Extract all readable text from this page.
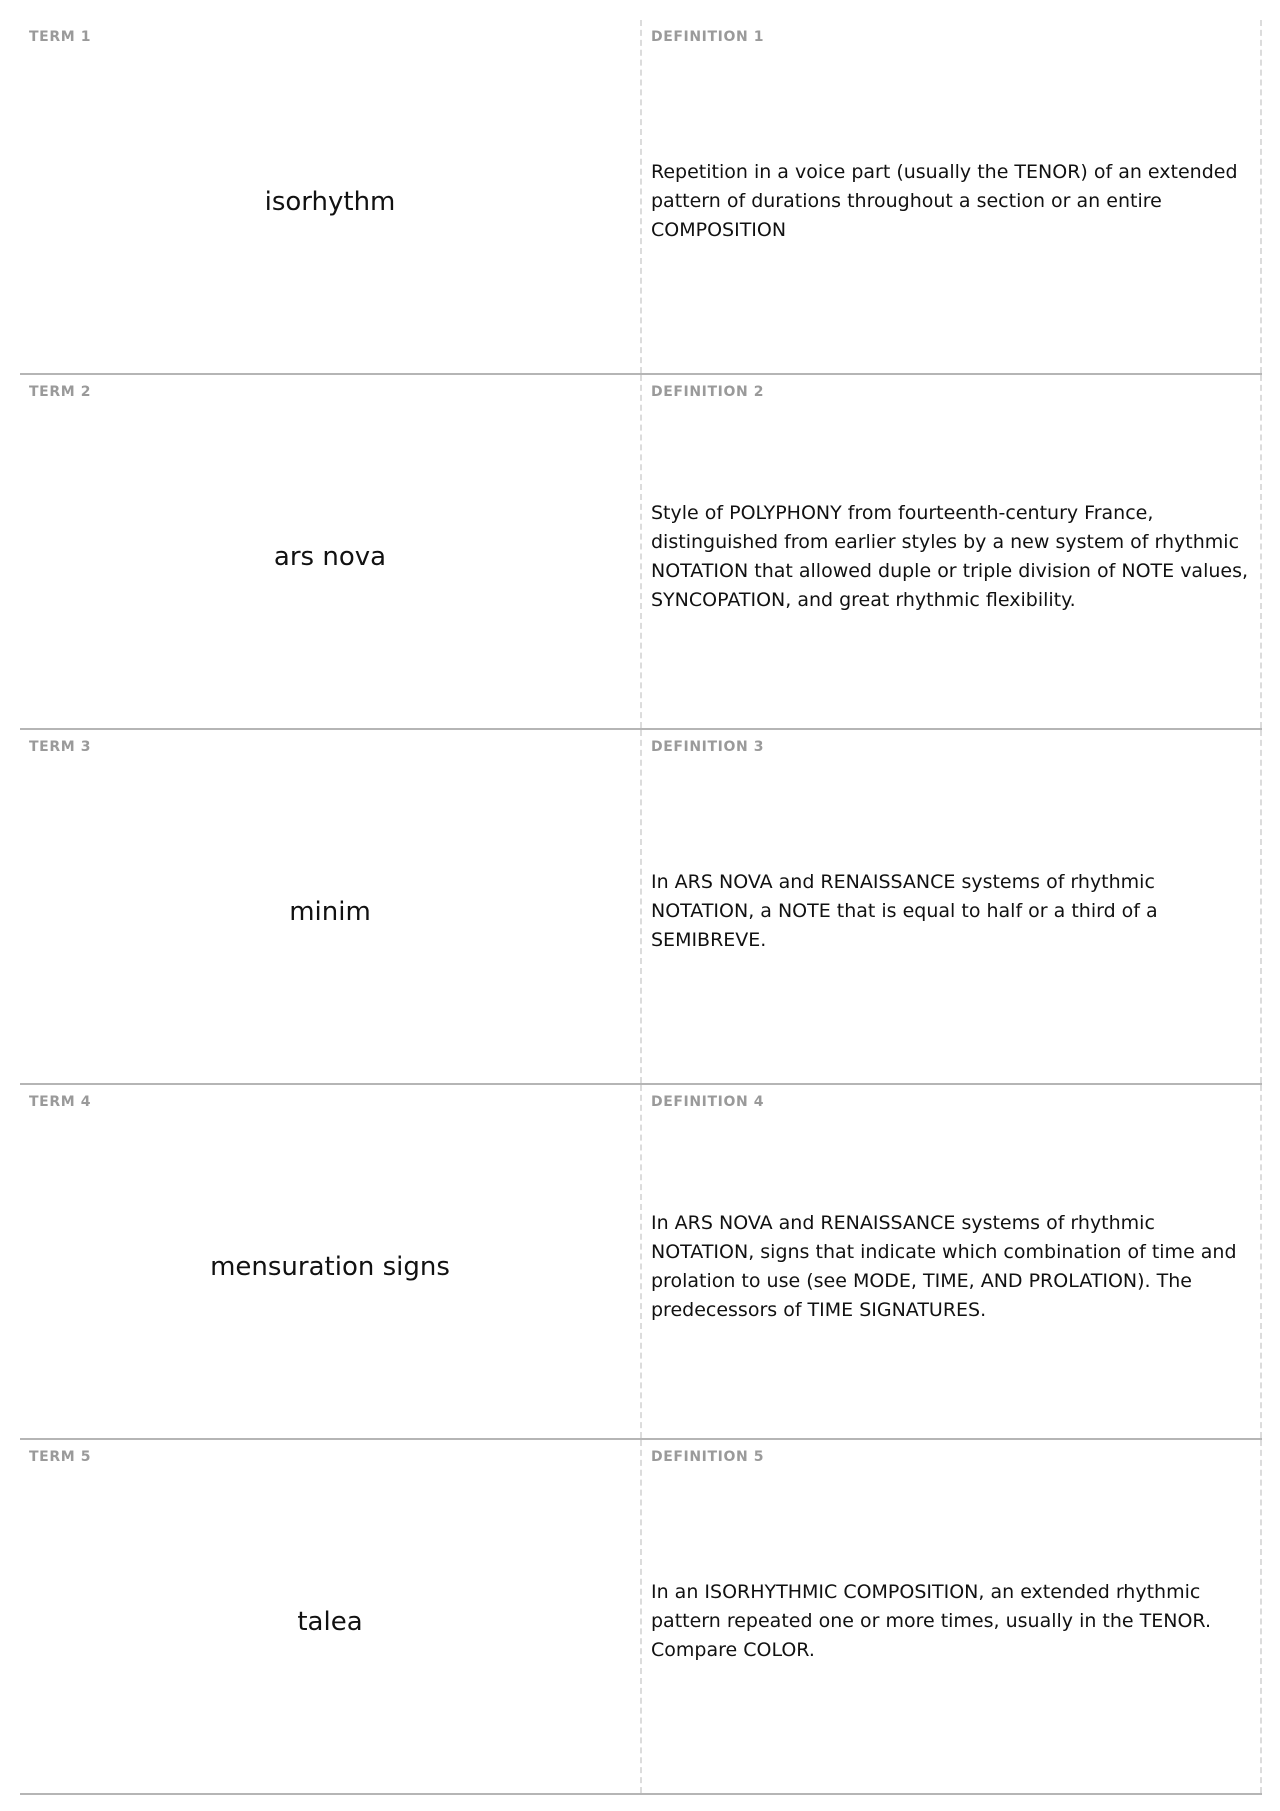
TERM 1
isorhythm
DEFINITION 1
Repetition in a voice part (usually the TENOR) of an extended pattern of durations throughout a section or an entire COMPOSITION
TERM 2
ars nova
DEFINITION 2
Style of POLYPHONY from fourteenth-century France, distinguished from earlier styles by a new system of rhythmic NOTATION that allowed duple or triple division of NOTE values, SYNCOPATION, and great rhythmic flexibility.
TERM 3
minim
DEFINITION 3
In ARS NOVA and RENAISSANCE systems of rhythmic NOTATION, a NOTE that is equal to half or a third of a SEMIBREVE.
TERM 4
mensuration signs
DEFINITION 4
In ARS NOVA and RENAISSANCE systems of rhythmic NOTATION, signs that indicate which combination of time and prolation to use (see MODE, TIME, AND PROLATION). The predecessors of TIME SIGNATURES.
TERM 5
talea
DEFINITION 5
In an ISORHYTHMIC COMPOSITION, an extended rhythmic pattern repeated one or more times, usually in the TENOR. Compare COLOR.
